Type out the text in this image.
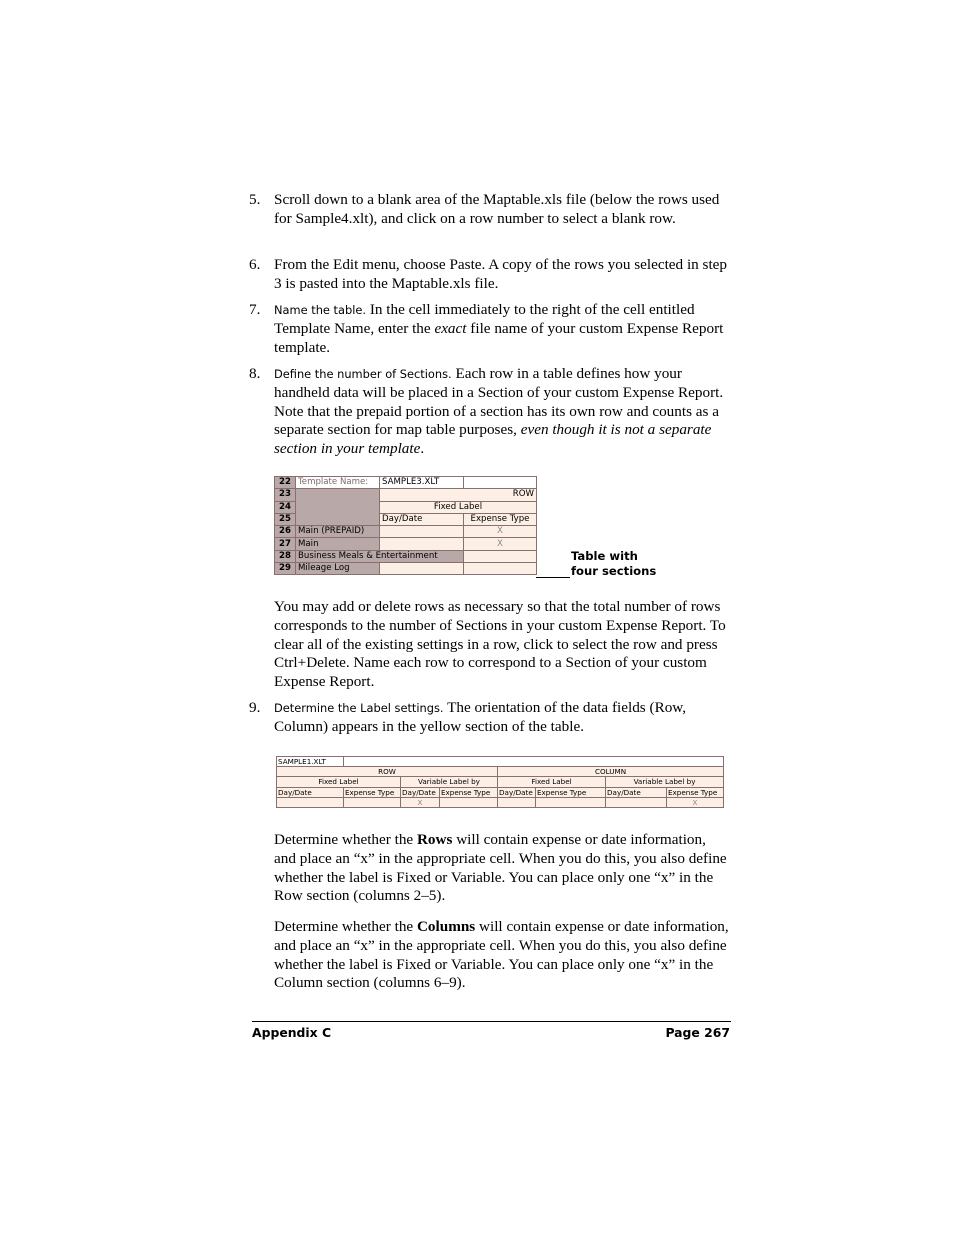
5. Scroll down to a blank area of the Maptable.xls file (below the rows used for Sample4.xlt), and click on a row number to select a blank row.
6. From the Edit menu, choose Paste. A copy of the rows you selected in step 3 is pasted into the Maptable.xls file.
7.	Name the table. In the cell immediately to the right of the cell entitled Template Name, enter the exact file name of your custom Expense Report template.
8.	Define the number of Sections. Each row in a table defines how your handheld data will be placed in a Section of your custom Expense Report. Note that the prepaid portion of a section has its own row and counts as a separate section for map table purposes, even though it is not a separate section in your template.
22	Template Name:	SAMPLE3.XLT	
23		ROW	
24		Fixed Label	
25		Day/Date	Expense Type
26	Main (PREPAID)		X
27	Main		X
28	Business Meals & Entertainment		
29	Mileage Log		
Table with
four sections
You may add or delete rows as necessary so that the total number of rows corresponds to the number of Sections in your custom Expense Report. To clear all of the existing settings in a row, click to select the row and press Ctrl+Delete. Name each row to correspond to a Section of your custom Expense Report.
9.	Determine the Label settings. The orientation of the data fields (Row, Column) appears in the yellow section of the table.
SAMPLE1.XLT							
ROW				COLUMN			
Fixed Label		Variable Label by		Fixed Label		Variable Label by	
Day/Date	Expense Type	Day/Date	Expense Type	Day/Date	Expense Type	Day/Date	Expense Type
		X					X
Determine whether the Rows will contain expense or date information, and place an “x” in the appropriate cell. When you do this, you also define whether the label is Fixed or Variable. You can place only one “x” in the Row section (columns 2–5).
Determine whether the Columns will contain expense or date information, and place an “x” in the appropriate cell. When you do this, you also define whether the label is Fixed or Variable. You can place only one “x” in the Column section (columns 6–9).
Appendix C	Page 267
